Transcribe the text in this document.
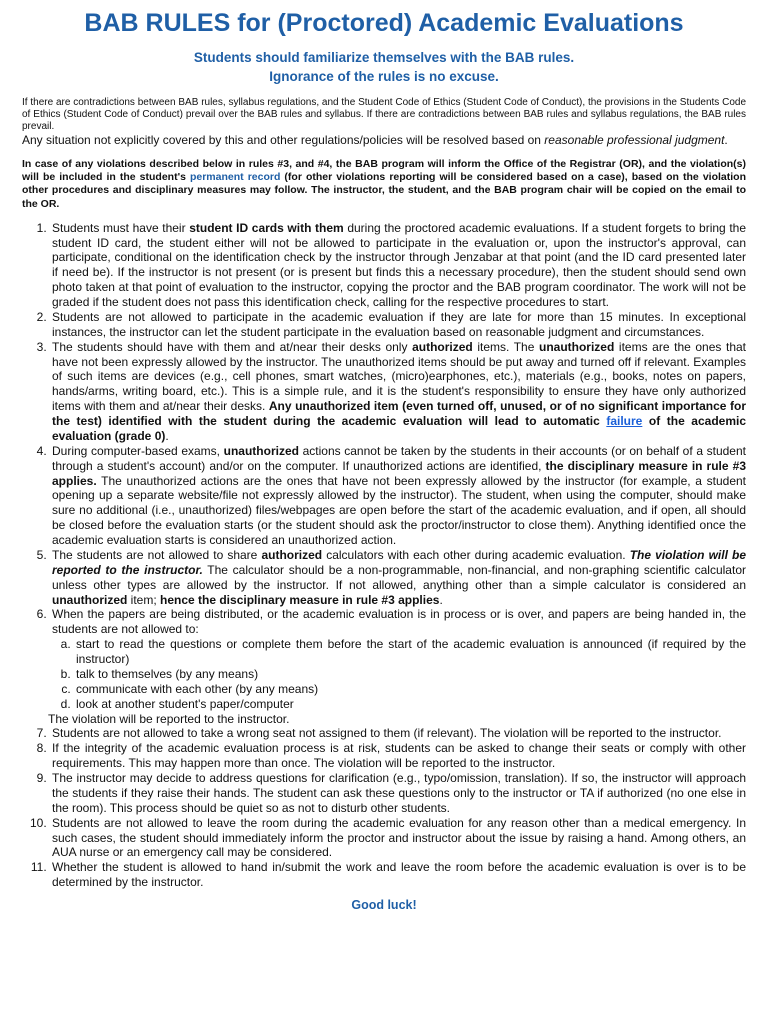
BAB RULES for (Proctored) Academic Evaluations
Students should familiarize themselves with the BAB rules.
Ignorance of the rules is no excuse.

If there are contradictions between BAB rules, syllabus regulations, and the Student Code of Ethics (Student Code of Conduct), the provisions in the Students Code of Ethics (Student Code of Conduct) prevail over the BAB rules and syllabus. If there are contradictions between BAB rules and syllabus regulations, the BAB rules prevail.

Any situation not explicitly covered by this and other regulations/policies will be resolved based on reasonable professional judgment.

In case of any violations described below in rules #3, and #4, the BAB program will inform the Office of the Registrar (OR), and the violation(s) will be included in the student's permanent record (for other violations reporting will be considered based on a case), based on the violation other procedures and disciplinary measures may follow. The instructor, the student, and the BAB program chair will be copied on the email to the OR.

1. Students must have their student ID cards with them during the proctored academic evaluations. If a student forgets to bring the student ID card, the student either will not be allowed to participate in the evaluation or, upon the instructor's approval, can participate, conditional on the identification check by the instructor through Jenzabar at that point (and the ID card presented later if need be). If the instructor is not present (or is present but finds this a necessary procedure), then the student should send own photo taken at that point of evaluation to the instructor, copying the proctor and the BAB program coordinator. The work will not be graded if the student does not pass this identification check, calling for the respective procedures to start.
2. Students are not allowed to participate in the academic evaluation if they are late for more than 15 minutes. In exceptional instances, the instructor can let the student participate in the evaluation based on reasonable judgment and circumstances.
3. The students should have with them and at/near their desks only authorized items. The unauthorized items are the ones that have not been expressly allowed by the instructor. The unauthorized items should be put away and turned off if relevant. Examples of such items are devices (e.g., cell phones, smart watches, (micro)earphones, etc.), materials (e.g., books, notes on papers, hands/arms, writing board, etc.). This is a simple rule, and it is the student's responsibility to ensure they have only authorized items with them and at/near their desks. Any unauthorized item (even turned off, unused, or of no significant importance for the test) identified with the student during the academic evaluation will lead to automatic failure of the academic evaluation (grade 0).
4. During computer-based exams, unauthorized actions cannot be taken by the students in their accounts (or on behalf of a student through a student's account) and/or on the computer. If unauthorized actions are identified, the disciplinary measure in rule #3 applies. The unauthorized actions are the ones that have not been expressly allowed by the instructor (for example, a student opening up a separate website/file not expressly allowed by the instructor). The student, when using the computer, should make sure no additional (i.e., unauthorized) files/webpages are open before the start of the academic evaluation, and if open, all should be closed before the evaluation starts (or the student should ask the proctor/instructor to close them). Anything identified once the academic evaluation starts is considered an unauthorized action.
5. The students are not allowed to share authorized calculators with each other during academic evaluation. The violation will be reported to the instructor. The calculator should be a non-programmable, non-financial, and non-graphing scientific calculator unless other types are allowed by the instructor. If not allowed, anything other than a simple calculator is considered an unauthorized item; hence the disciplinary measure in rule #3 applies.
6. When the papers are being distributed, or the academic evaluation is in process or is over, and papers are being handed in, the students are not allowed to:
a. start to read the questions or complete them before the start of the academic evaluation is announced (if required by the instructor)
b. talk to themselves (by any means)
c. communicate with each other (by any means)
d. look at another student's paper/computer
The violation will be reported to the instructor.
7. Students are not allowed to take a wrong seat not assigned to them (if relevant). The violation will be reported to the instructor.
8. If the integrity of the academic evaluation process is at risk, students can be asked to change their seats or comply with other requirements. This may happen more than once. The violation will be reported to the instructor.
9. The instructor may decide to address questions for clarification (e.g., typo/omission, translation). If so, the instructor will approach the students if they raise their hands. The student can ask these questions only to the instructor or TA if authorized (no one else in the room). This process should be quiet so as not to disturb other students.
10. Students are not allowed to leave the room during the academic evaluation for any reason other than a medical emergency. In such cases, the student should immediately inform the proctor and instructor about the issue by raising a hand. Among others, an AUA nurse or an emergency call may be considered.
11. Whether the student is allowed to hand in/submit the work and leave the room before the academic evaluation is over is to be determined by the instructor.
Good luck!
